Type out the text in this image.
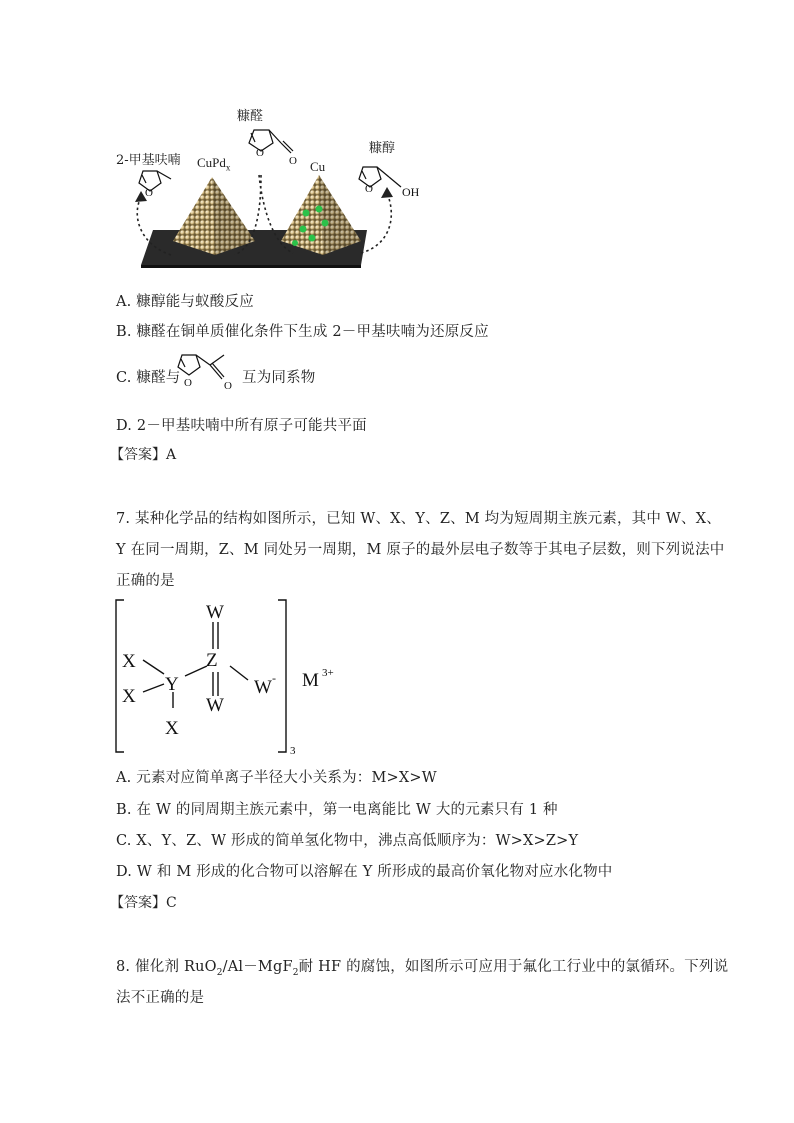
O
O
O	O OH
糠醛
2-甲基呋喃 CuPd$_x$	Cu
糠醇
A. 糠醇能与蚁酸反应
B. 糠醛在铜单质催化条件下生成 2－甲基呋喃为还原反应
C. 糠醛与 O	O 互为同系物
D. 2－甲基呋喃中所有原子可能共平面
【答案】A
7. 某种化学品的结构如图所示，已知 W、X、Y、Z、M 均为短周期主族元素，其中 W、X、
Y 在同一周期，Z、M 同处另一周期，M 原子的最外层电子数等于其电子层数，则下列说法中
正确的是
W
X	Z
X
Y	W -
W
X
M 3+
3
A. 元素对应简单离子半径大小关系为：M>X>W
B. 在 W 的同周期主族元素中，第一电离能比 W 大的元素只有 1 种
C. X、Y、Z、W 形成的简单氢化物中，沸点高低顺序为：W>X>Z>Y
D. W 和 M 形成的化合物可以溶解在 Y 所形成的最高价氧化物对应水化物中
【答案】C
8. 催化剂 RuO$_2$/Al－MgF$_2$耐 HF 的腐蚀，如图所示可应用于氟化工行业中的氯循环。下列说
法不正确的是
